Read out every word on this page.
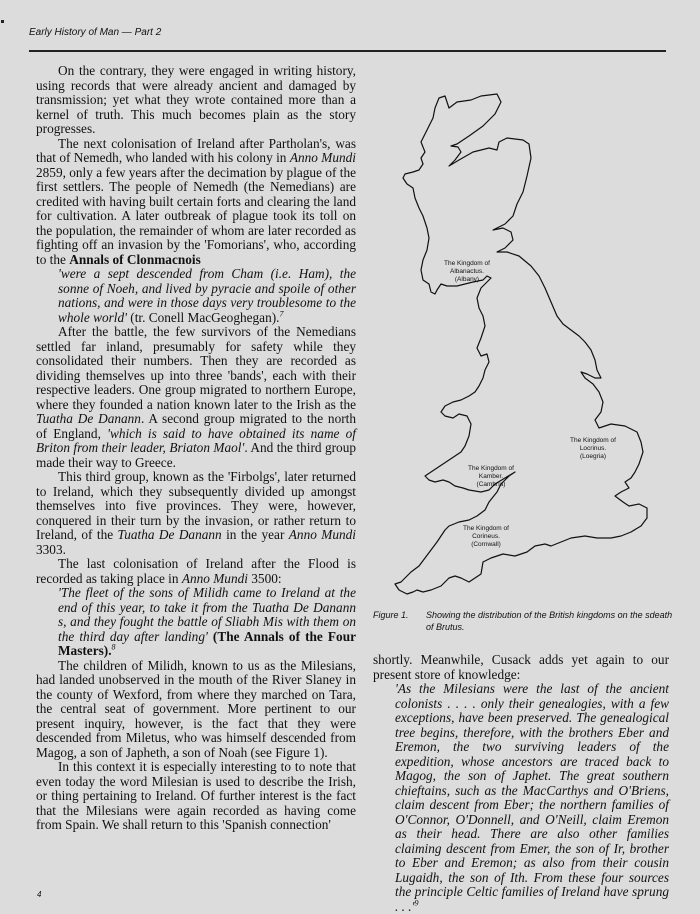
Early History of Man — Part 2

On the contrary, they were engaged in writing history, using records that were already ancient and damaged by transmission; yet what they wrote contained more than a kernel of truth. This much becomes plain as the story progresses.

The next colonisation of Ireland after Partholan's, was that of Nemedh, who landed with his colony in Anno Mundi 2859, only a few years after the decimation by plague of the first settlers. The people of Nemedh (the Nemedians) are credited with having built certain forts and clearing the land for cultivation. A later outbreak of plague took its toll on the population, the remainder of whom are later recorded as fighting off an invasion by the 'Fomorians', who, according to the Annals of Clonmacnois

'were a sept descended from Cham (i.e. Ham), the sonne of Noeh, and lived by pyracie and spoile of other nations, and were in those days very troublesome to the whole world' (tr. Conell MacGeoghegan).$^7$

After the battle, the few survivors of the Nemedians settled far inland, presumably for safety while they consolidated their numbers. Then they are recorded as dividing themselves up into three 'bands', each with their respective leaders. One group migrated to northern Europe, where they founded a nation known later to the Irish as the Tuatha De Danann. A second group migrated to the north of England, 'which is said to have obtained its name of Briton from their leader, Briaton Maol'. And the third group made their way to Greece.

This third group, known as the 'Firbolgs', later returned to Ireland, which they subsequently divided up amongst themselves into five provinces. They were, however, conquered in their turn by the invasion, or rather return to Ireland, of the Tuatha De Danann in the year Anno Mundi 3303.

The last colonisation of Ireland after the Flood is recorded as taking place in Anno Mundi 3500:

'The fleet of the sons of Milidh came to Ireland at the end of this year, to take it from the Tuatha De Danann s, and they fought the battle of Sliabh Mis with them on the third day after landing' (The Annals of the Four Masters).$^8$

The children of Milidh, known to us as the Milesians, had landed unobserved in the mouth of the River Slaney in the county of Wexford, from where they marched on Tara, the central seat of government. More pertinent to our present inquiry, however, is the fact that they were descended from Miletus, who was himself descended from Magog, a son of Japheth, a son of Noah (see Figure 1).

In this context it is especially interesting to to note that even today the word Milesian is used to describe the Irish, or thing pertaining to Ireland. Of further interest is the fact that the Milesians were again recorded as having come from Spain. We shall return to this 'Spanish connection'

The Kingdom of
Albanactus.
(Albany)
The Kingdom of
Locrinus.
(Loegria)
The Kingdom of
Kamber.
(Cambria)
The Kingdom of
Corineus.
(Cornwall)
Figure 1. Showing the distribution of the British kingdoms on the sdeath of Brutus.

shortly. Meanwhile, Cusack adds yet again to our present store of knowledge:

'As the Milesians were the last of the ancient colonists . . . . only their genealogies, with a few exceptions, have been preserved. The genealogical tree begins, therefore, with the brothers Eber and Eremon, the two surviving leaders of the expedition, whose ancestors are traced back to Magog, the son of Japhet. The great southern chieftains, such as the MacCarthys and O'Briens, claim descent from Eber; the northern families of O'Connor, O'Donnell, and O'Neill, claim Eremon as their head. There are also other families claiming descent from Emer, the son of Ir, brother to Eber and Eremon; as also from their cousin Lugaidh, the son of Ith. From these four sources the principle Celtic families of Ireland have sprung . . $.'^9$

4
